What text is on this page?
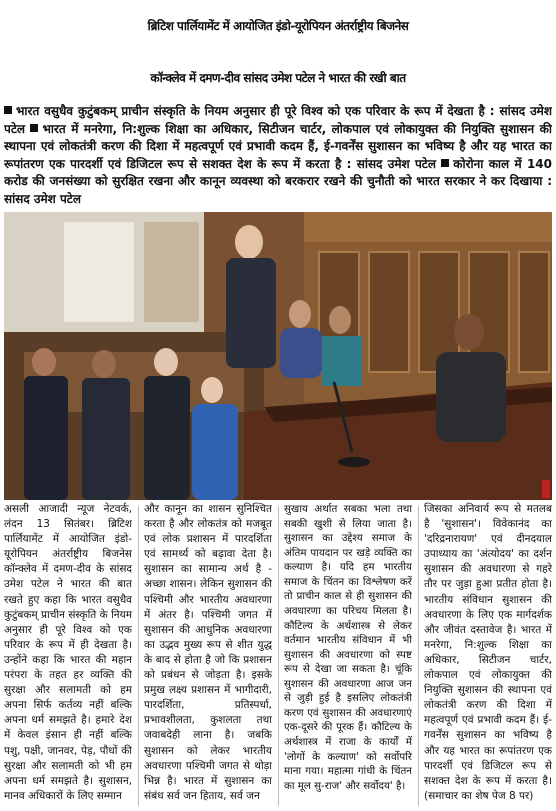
ब्रिटिश पार्लियामेंट में आयोजित इंडो-यूरोपियन अंतर्राष्ट्रीय बिजनेस
कॉन्क्लेव में दमण-दीव सांसद उमेश पटेल ने भारत की रखी बात
भारत वसुधैव कुटुंबकम् प्राचीन संस्कृति के नियम अनुसार ही पूरे विश्व को एक परिवार के रूप में देखता है : सांसद उमेश पटेल भारत में मनरेगा, नि:शुल्क शिक्षा का अधिकार, सिटीजन चार्टर, लोकपाल एवं लोकायुक्त की नियुक्ति सुशासन की स्थापना एवं लोकतंत्री करण की दिशा में महत्वपूर्ण एवं प्रभावी कदम हैं, ई-गवर्नेंस सुशासन का भविष्य है और यह भारत का रूपांतरण एक पारदर्शी एवं डिजिटल रूप से सशक्त देश के रूप में करता है : सांसद उमेश पटेल कोरोना काल में 140 करोड की जनसंख्या को सुरक्षित रखना और कानून व्यवस्था को बरकरार रखने की चुनौती को भारत सरकार ने कर दिखाया : सांसद उमेश पटेल
असली आजादी न्यूज नेटवर्क, लंदन 13 सितंबर। ब्रिटिश पार्लियामेंट में आयोजित इंडो-यूरोपियन अंतर्राष्ट्रीय बिजनेस कॉन्क्लेव में दमण-दीव के सांसद उमेश पटेल ने भारत की बात रखते हुए कहा कि भारत वसुधैव कुटुंबकम् प्राचीन संस्कृति के नियम अनुसार ही पूरे विश्व को एक परिवार के रूप में ही देखता है। उन्होंने कहा कि भारत की महान परंपरा के तहत हर व्यक्ति की सुरक्षा और सलामती को हम अपना सिर्फ कर्तव्य नहीं बल्कि अपना धर्म समझते है। हमारे देश में केवल इंसान ही नहीं बल्कि पशु, पक्षी, जानवर, पेड़, पौधों की सुरक्षा और सलामती को भी हम अपना धर्म समझते है। सुशासन, मानव अधिकारों के लिए सम्मान
और कानून का शासन सुनिश्चित करता है और लोकतंत्र को मजबूत एवं लोक प्रशासन में पारदर्शिता एवं सामर्थ्य को बढ़ावा देता है। सुशासन का सामान्य अर्थ है - अच्छा शासन। लेकिन सुशासन की पश्चिमी और भारतीय अवधारणा में अंतर है। पश्चिमी जगत में सुशासन की आधुनिक अवधारणा का उद्भव मुख्य रूप से शीत युद्ध के बाद से होता है जो कि प्रशासन को प्रबंधन से जोड़ता है। इसके प्रमुख लक्ष्य प्रशासन में भागीदारी, पारदर्शिता, प्रतिस्पर्धा, प्रभावशीलता, कुशलता तथा जवाबदेही लाना है। जबकि सुशासन को लेकर भारतीय अवधारणा पश्चिमी जगत से थोड़ा भिन्न है। भारत में सुशासन का संबंध सर्व जन हिताय, सर्व जन
सुखाय अर्थात सबका भला तथा सबकी खुशी से लिया जाता है। सुशासन का उद्देश्य समाज के अंतिम पायदान पर खड़े व्यक्ति का कल्याण है। यदि हम भारतीय समाज के चिंतन का विश्लेषण करें तो प्राचीन काल से ही सुशासन की अवधारणा का परिचय मिलता है। कौटिल्य के अर्थशास्त्र से लेकर वर्तमान भारतीय संविधान में भी सुशासन की अवधारणा को स्पष्ट रूप से देखा जा सकता है। चूंकि सुशासन की अवधारणा आज जन से जुड़ी हुई है इसलिए लोकतंत्री करण एवं सुशासन की अवधारणाएं एक-दूसरे की पूरक हैं। कौटिल्य के अर्थशास्त्र में राजा के कार्यों में 'लोगों के कल्याण' को सर्वोपरि माना गया। महात्मा गांधी के चिंतन का मूल सु-राज' और सर्वोदय' है।
जिसका अनिवार्य रूप से मतलब है 'सुशासन'। विवेकानंद का 'दरिद्रनारायण' एवं दीनदयाल उपाध्याय का 'अंत्योदय' का दर्शन सुशासन की अवधारणा से गहरे तौर पर जुड़ा हुआ प्रतीत होता है। भारतीय संविधान सुशासन की अवधारणा के लिए एक मार्गदर्शक और जीवंत दस्तावेज है। भारत में मनरेगा, नि:शुल्क शिक्षा का अधिकार, सिटीजन चार्टर, लोकपाल एवं लोकायुक्त की नियुक्ति सुशासन की स्थापना एवं लोकतंत्री करण की दिशा में महत्वपूर्ण एवं प्रभावी कदम हैं। ई-गवर्नेंस सुशासन का भविष्य है और यह भारत का रूपांतरण एक पारदर्शी एवं डिजिटल रूप से सशक्त देश के रूप में करता है। (समाचार का शेष पेज 8 पर)
